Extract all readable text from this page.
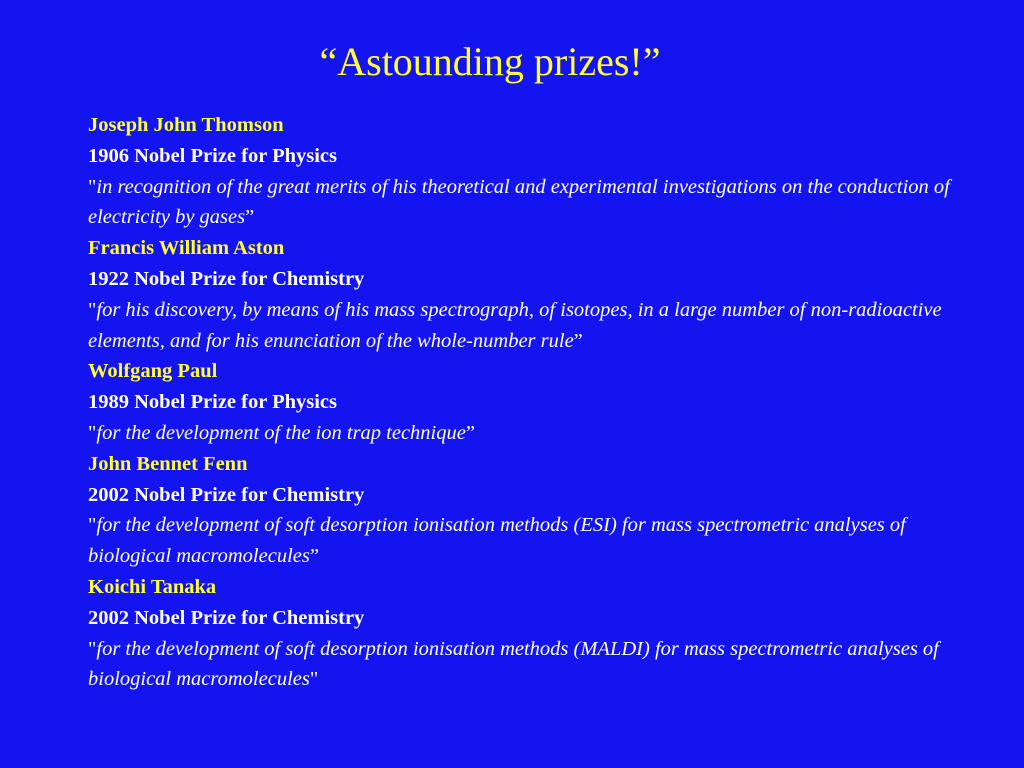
“Astounding prizes!”
Joseph John Thomson
1906 Nobel Prize for Physics
"in recognition of the great merits of his theoretical and experimental investigations on the conduction of electricity by gases”
Francis William Aston
1922 Nobel Prize for Chemistry
"for his discovery, by means of his mass spectrograph, of isotopes, in a large number of non-radioactive elements, and for his enunciation of the whole-number rule”
Wolfgang Paul
1989 Nobel Prize for Physics
"for the development of the ion trap technique”
John Bennet Fenn
2002 Nobel Prize for Chemistry
"for the development of soft desorption ionisation methods (ESI) for mass spectrometric analyses of biological macromolecules”
Koichi Tanaka
2002 Nobel Prize for Chemistry
"for the development of soft desorption ionisation methods (MALDI) for mass spectrometric analyses of biological macromolecules"
